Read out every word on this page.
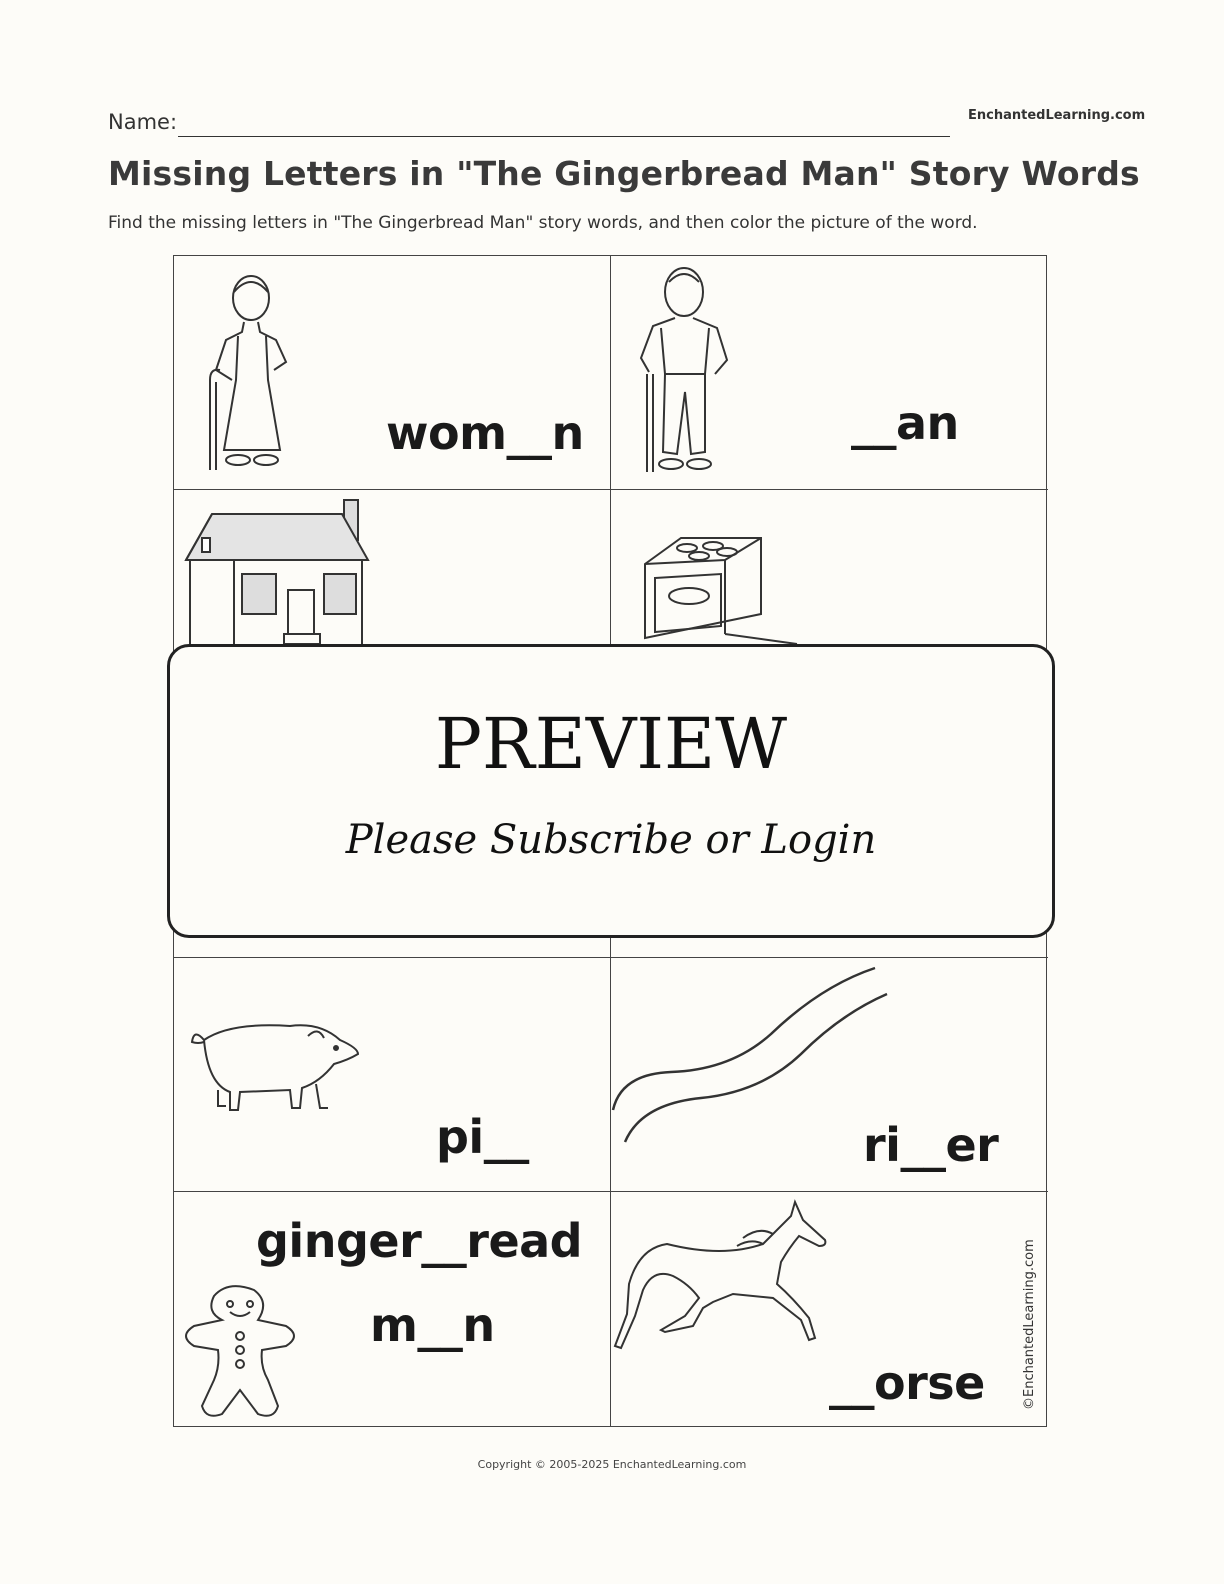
Name:	EnchantedLearning.com
Missing Letters in "The Gingerbread Man" Story Words
Find the missing letters in "The Gingerbread Man" story words, and then color the picture of the word.
wom__n	__an
pi__	ri__er
ginger__read
m__n
__orse	©EnchantedLearning.com
PREVIEW
Please Subscribe or Login
Copyright © 2005-2025 EnchantedLearning.com
